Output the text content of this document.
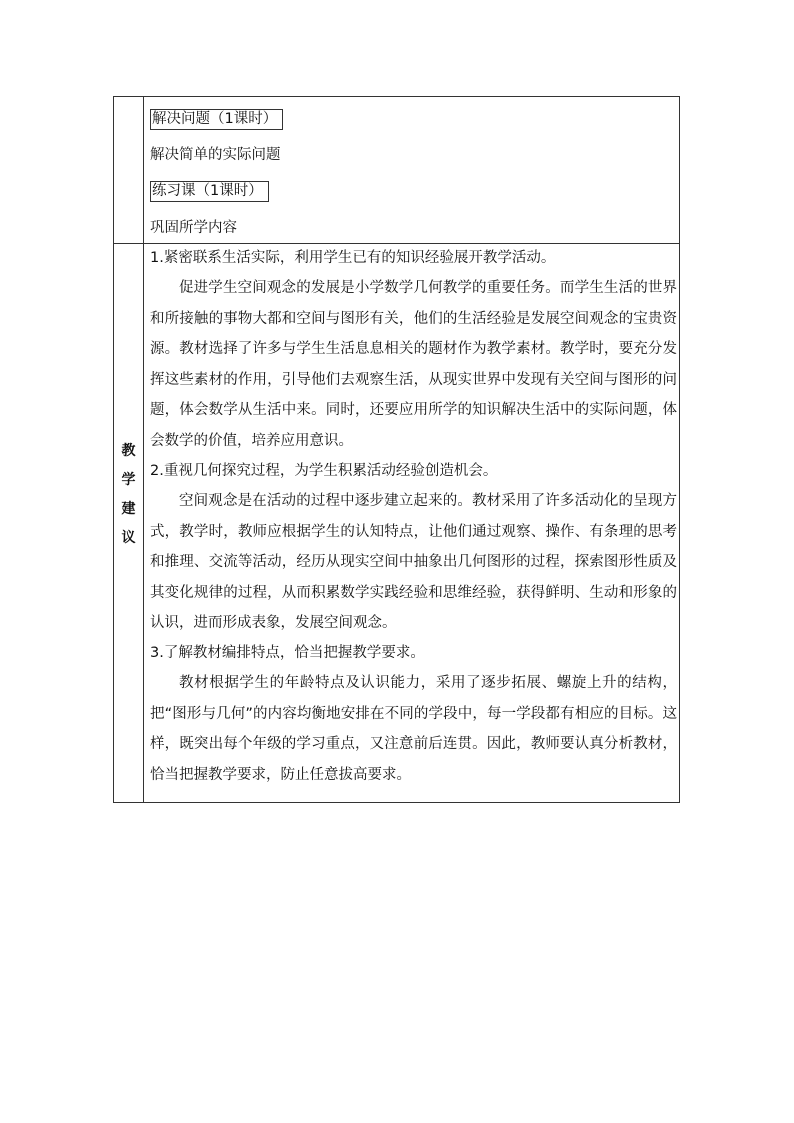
解决问题（1课时）
解决简单的实际问题
练习课（1课时）
巩固所学内容
教
学
建
议

1.紧密联系生活实际，利用学生已有的知识经验展开教学活动。

促进学生空间观念的发展是小学数学几何教学的重要任务。而学生生活的世界和所接触的事物大都和空间与图形有关，他们的生活经验是发展空间观念的宝贵资源。教材选择了许多与学生生活息息相关的题材作为教学素材。教学时，要充分发挥这些素材的作用，引导他们去观察生活，从现实世界中发现有关空间与图形的问题，体会数学从生活中来。同时，还要应用所学的知识解决生活中的实际问题，体会数学的价值，培养应用意识。

2.重视几何探究过程，为学生积累活动经验创造机会。

空间观念是在活动的过程中逐步建立起来的。教材采用了许多活动化的呈现方式，教学时，教师应根据学生的认知特点，让他们通过观察、操作、有条理的思考和推理、交流等活动，经历从现实空间中抽象出几何图形的过程，探索图形性质及其变化规律的过程，从而积累数学实践经验和思维经验，获得鲜明、生动和形象的认识，进而形成表象，发展空间观念。

3.了解教材编排特点，恰当把握教学要求。

教材根据学生的年龄特点及认识能力，采用了逐步拓展、螺旋上升的结构，把“图形与几何”的内容均衡地安排在不同的学段中，每一学段都有相应的目标。这样，既突出每个年级的学习重点，又注意前后连贯。因此，教师要认真分析教材，恰当把握教学要求，防止任意拔高要求。
